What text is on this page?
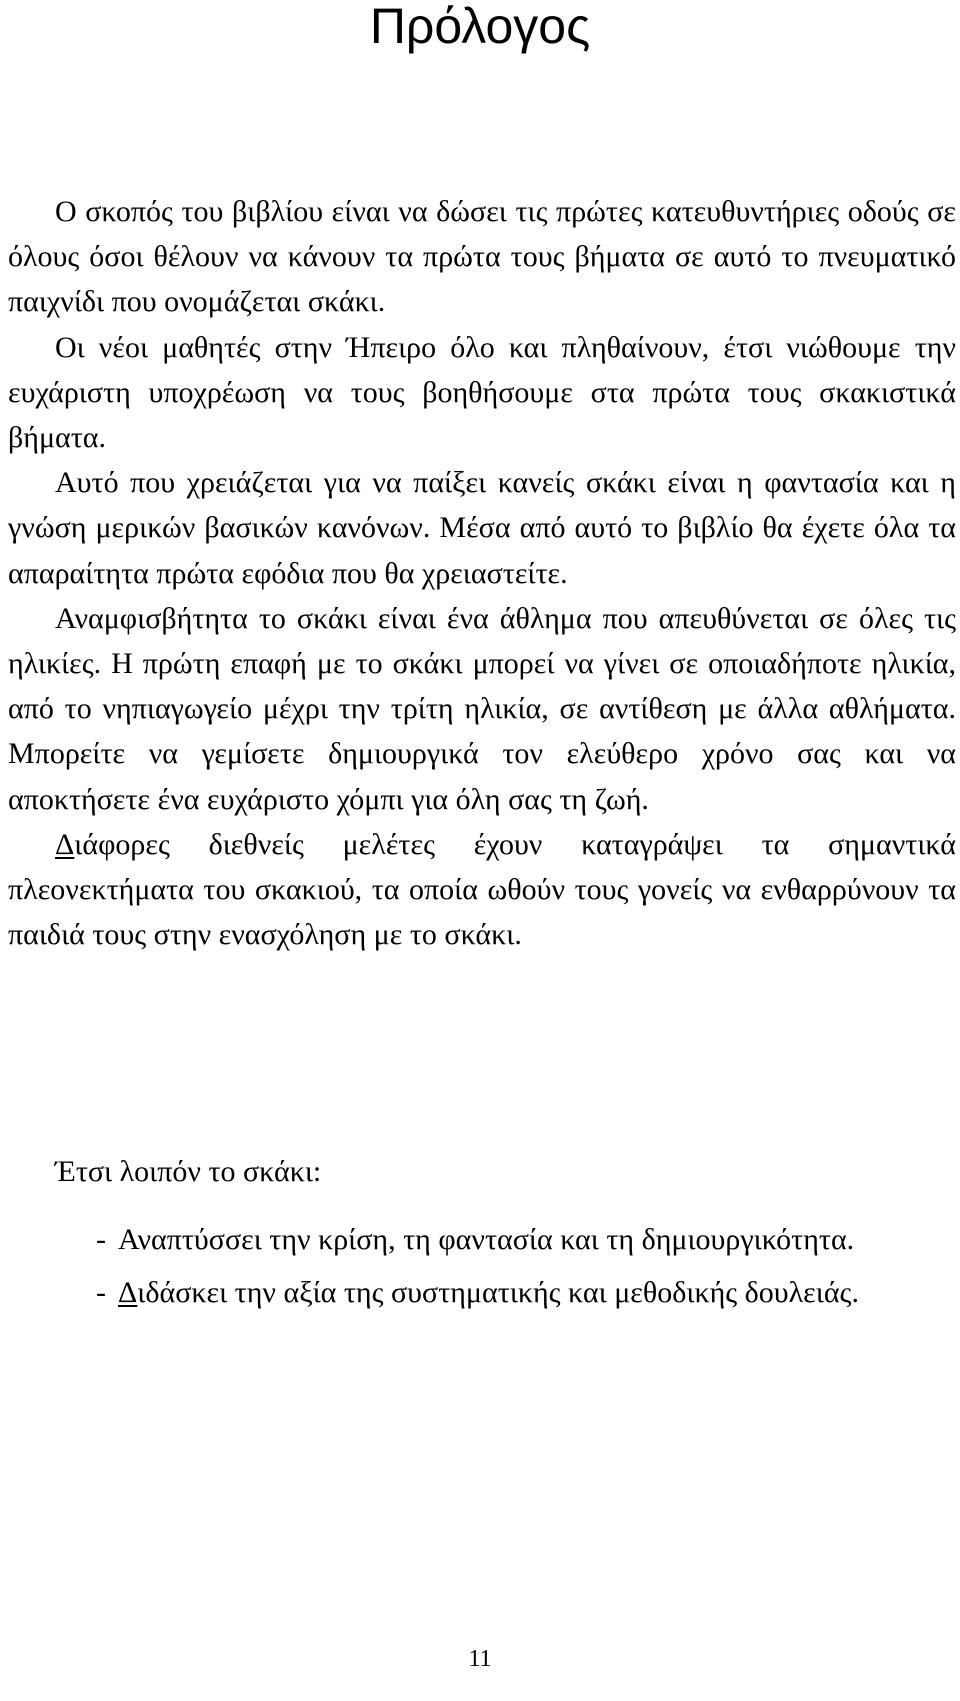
Πρόλογος

Ο σκοπός του βιβλίου είναι να δώσει τις πρώτες κατευθυντήριες οδούς σε όλους όσοι θέλουν να κάνουν τα πρώτα τους βήματα σε αυτό το πνευματικό παιχνίδι που ονομάζεται σκάκι.

Οι νέοι μαθητές στην Ήπειρο όλο και πληθαίνουν, έτσι νιώθουμε την ευχάριστη υποχρέωση να τους βοηθήσουμε στα πρώτα τους σκακιστικά βήματα.

Αυτό που χρειάζεται για να παίξει κανείς σκάκι είναι η φαντασία και η γνώση μερικών βασικών κανόνων. Μέσα από αυτό το βιβλίο θα έχετε όλα τα απαραίτητα πρώτα εφόδια που θα χρειαστείτε.

Αναμφισβήτητα το σκάκι είναι ένα άθλημα που απευθύνεται σε όλες τις ηλικίες. Η πρώτη επαφή με το σκάκι μπορεί να γίνει σε οποιαδήποτε ηλικία, από το νηπιαγωγείο μέχρι την τρίτη ηλικία, σε αντίθεση με άλλα αθλήματα. Μπορείτε να γεμίσετε δημιουργικά τον ελεύθερο χρόνο σας και να αποκτήσετε ένα ευχάριστο χόμπι για όλη σας τη ζωή.

Διάφορες διεθνείς μελέτες έχουν καταγράψει τα σημαντικά πλεονεκτήματα του σκακιού, τα οποία ωθούν τους γονείς να ενθαρρύνουν τα παιδιά τους στην ενασχόληση με το σκάκι.

Έτσι λοιπόν το σκάκι:

- Αναπτύσσει την κρίση, τη φαντασία και τη δημιουργικότητα.
- Διδάσκει την αξία της συστηματικής και μεθοδικής δουλειάς.
11
